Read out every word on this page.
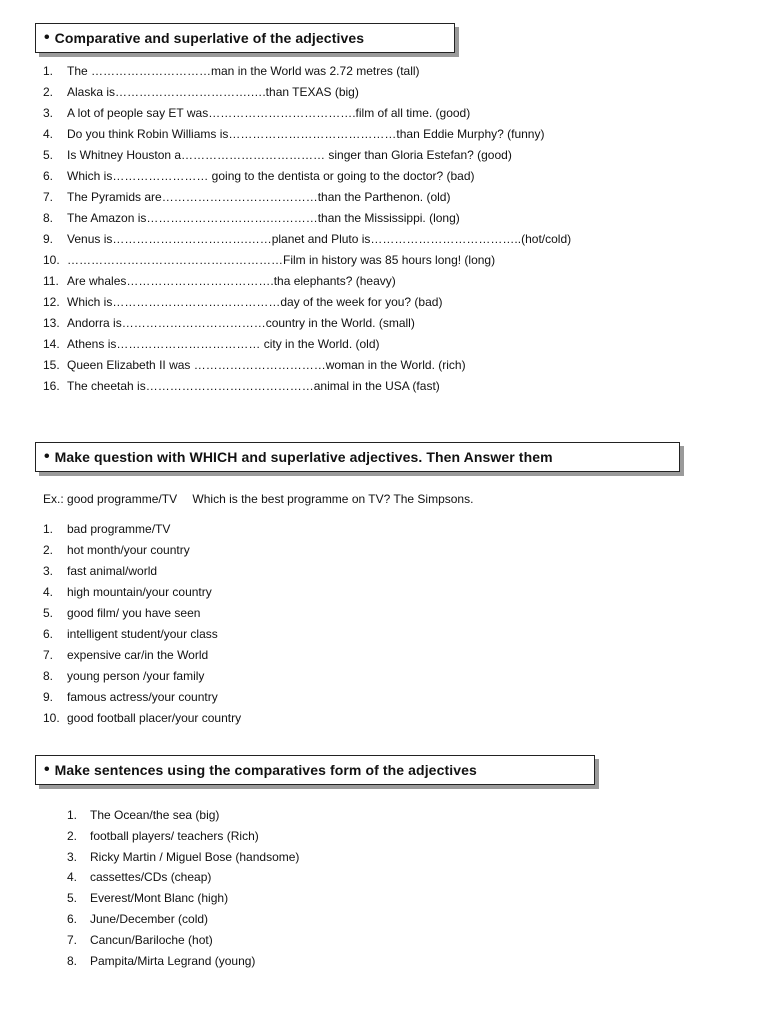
• Comparative and superlative of the adjectives
1.	The …………………………man in the World was 2.72 metres (tall)
2.	Alaska is…………………………….….than TEXAS (big)
3.	A lot of people say ET was……………………………….film of all time. (good)
4.	Do you think Robin Williams is……………………………………than Eddie Murphy? (funny)
5.	Is Whitney Houston a……………………………… singer than Gloria Estefan? (good)
6.	Which is…………………… going to the dentista or going to the doctor? (bad)
7.	The Pyramids are…………………………………than the Parthenon. (old)
8.	The Amazon is………………………….…………than the Mississippi. (long)
9.	Venus is…………………………….……planet and Pluto is………………………………..(hot/cold)
10. ………………………………………………Film in history was 85 hours long! (long)
11. Are whales……………………………….tha elephants? (heavy)
12. Which is……………………………………day of the week for you? (bad)
13. Andorra is………………………………country in the World. (small)
14. Athens is……………………………… city in the World. (old)
15. Queen Elizabeth II was ……………………………woman in the World. (rich)
16. The cheetah is……………………………………animal in the USA (fast)
• Make question with WHICH and superlative adjectives. Then Answer them
Ex.: good programme/TV Which is the best programme on TV? The Simpsons.
1.	bad programme/TV
2.	hot month/your country
3.	fast animal/world
4.	high mountain/your country
5.	good film/ you have seen
6.	intelligent student/your class
7.	expensive car/in the World
8.	young person /your family
9.	famous actress/your country
10. good football placer/your country
• Make sentences using the comparatives form of the adjectives
1.	The Ocean/the sea (big)
2.	football players/ teachers (Rich)
3.	Ricky Martin / Miguel Bose (handsome)
4.	cassettes/CDs (cheap)
5.	Everest/Mont Blanc (high)
6.	June/December (cold)
7.	Cancun/Bariloche (hot)
8.	Pampita/Mirta Legrand (young)
